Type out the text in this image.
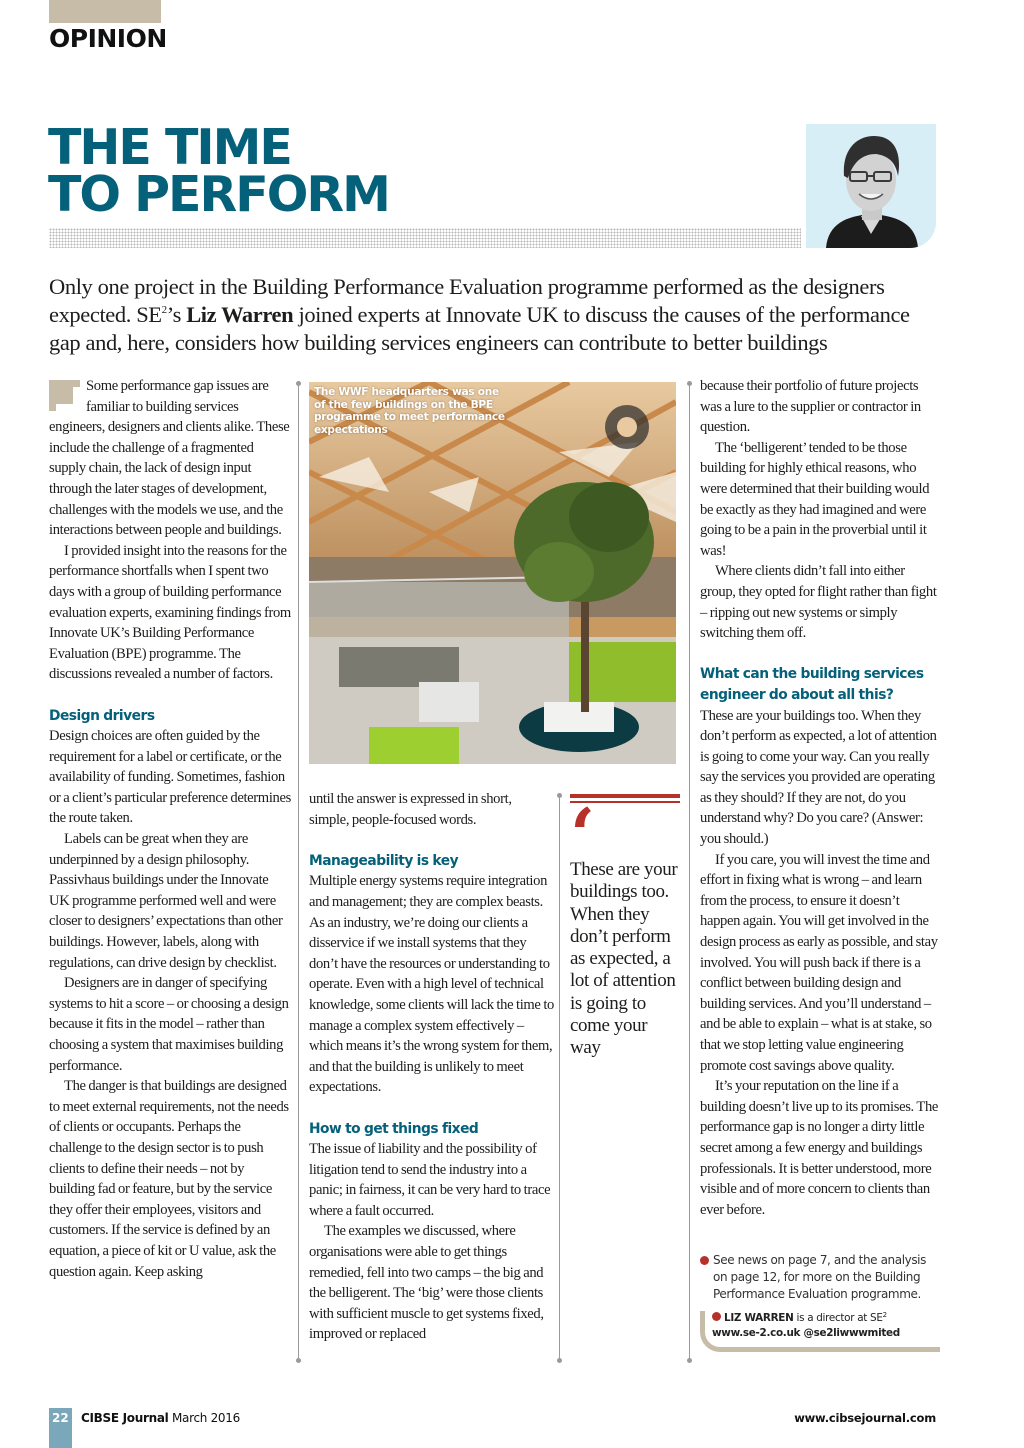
OPINION
THE TIME
TO PERFORM

Only one project in the Building Performance Evaluation programme performed as the designers expected. $SE^2’s$ Liz Warren joined experts at Innovate UK to discuss the causes of the performance gap and, here, considers how building services engineers can contribute to better buildings

Some performance gap issues are familiar to building services engineers, designers and clients alike. These include the challenge of a fragmented supply chain, the lack of design input through the later stages of development, challenges with the models we use, and the interactions between people and buildings.

I provided insight into the reasons for the performance shortfalls when I spent two days with a group of building performance evaluation experts, examining findings from Innovate UK’s Building Performance Evaluation (BPE) programme. The discussions revealed a number of factors.

Design drivers

Design choices are often guided by the requirement for a label or certificate, or the availability of funding. Sometimes, fashion or a client’s particular preference determines the route taken.

Labels can be great when they are underpinned by a design philosophy. Passivhaus buildings under the Innovate UK programme performed well and were closer to designers’ expectations than other buildings. However, labels, along with regulations, can drive design by checklist.

Designers are in danger of specifying systems to hit a score – or choosing a design because it fits in the model – rather than choosing a system that maximises building performance.

The danger is that buildings are designed to meet external requirements, not the needs of clients or occupants. Perhaps the challenge to the design sector is to push clients to define their needs – not by building fad or feature, but by the service they offer their employees, visitors and customers. If the service is defined by an equation, a piece of kit or U value, ask the question again. Keep asking

The WWF headquarters was one of the few buildings on the BPE programme to meet performance expectations

until the answer is expressed in short, simple, people-focused words.

Manageability is key

Multiple energy systems require integration and management; they are complex beasts. As an industry, we’re doing our clients a disservice if we install systems that they don’t have the resources or understanding to operate. Even with a high level of technical knowledge, some clients will lack the time to manage a complex system effectively – which means it’s the wrong system for them, and that the building is unlikely to meet expectations.

How to get things fixed

The issue of liability and the possibility of litigation tend to send the industry into a panic; in fairness, it can be very hard to trace where a fault occurred.

The examples we discussed, where organisations were able to get things remedied, fell into two camps – the big and the belligerent. The ‘big’ were those clients with sufficient muscle to get systems fixed, improved or replaced

‘

These are your buildings too. When they don’t perform as expected, a lot of attention is going to come your way

because their portfolio of future projects was a lure to the supplier or contractor in question.

The ‘belligerent’ tended to be those building for highly ethical reasons, who were determined that their building would be exactly as they had imagined and were going to be a pain in the proverbial until it was!

Where clients didn’t fall into either group, they opted for flight rather than fight – ripping out new systems or simply switching them off.

What can the building services engineer do about all this?

These are your buildings too. When they don’t perform as expected, a lot of attention is going to come your way. Can you really say the services you provided are operating as they should? If they are not, do you understand why? Do you care? (Answer: you should.)

If you care, you will invest the time and effort in fixing what is wrong – and learn from the process, to ensure it doesn’t happen again. You will get involved in the design process as early as possible, and stay involved. You will push back if there is a conflict between building design and building services. And you’ll understand – and be able to explain – what is at stake, so that we stop letting value engineering promote cost savings above quality.

It’s your reputation on the line if a building doesn’t live up to its promises. The performance gap is no longer a dirty little secret among a few energy and buildings professionals. It is better understood, more visible and of more concern to clients than ever before.

See news on page 7, and the analysis on page 12, for more on the Building Performance Evaluation programme.
LIZ WARREN is a director at $SE^2$
www.se-2.co.uk @se2liwwwmited
22 CIBSE Journal March 2016	www.cibsejournal.com
